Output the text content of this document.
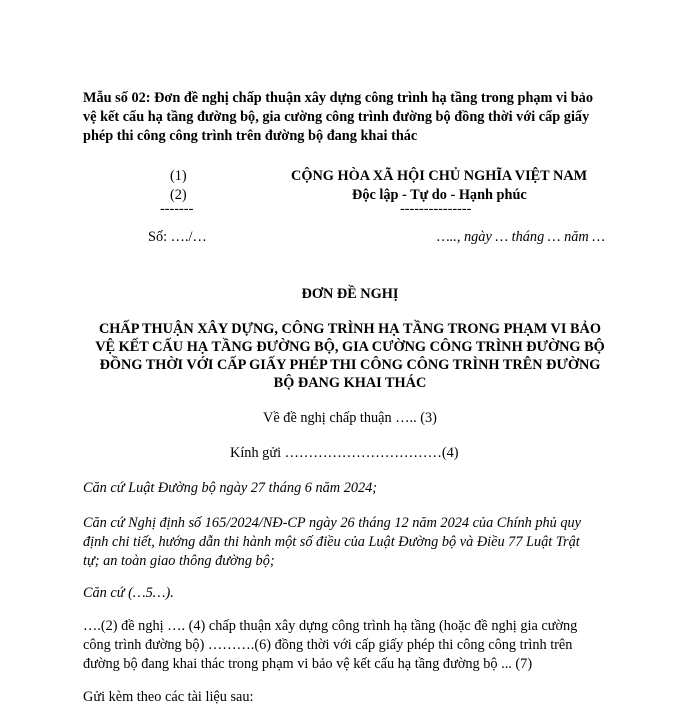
Mẫu số 02: Đơn đề nghị chấp thuận xây dựng công trình hạ tầng trong phạm vi bảo
vệ kết cấu hạ tầng đường bộ, gia cường công trình đường bộ đồng thời với cấp giấy
phép thi công công trình trên đường bộ đang khai thác
(1)
(2)
-------
Số: …./…
CỘNG HÒA XÃ HỘI CHỦ NGHĨA VIỆT NAM
Độc lập - Tự do - Hạnh phúc
---------------
….., ngày … tháng … năm …
ĐƠN ĐỀ NGHỊ
CHẤP THUẬN XÂY DỰNG, CÔNG TRÌNH HẠ TẦNG TRONG PHẠM VI BẢO
VỆ KẾT CẤU HẠ TẦNG ĐƯỜNG BỘ, GIA CƯỜNG CÔNG TRÌNH ĐƯỜNG BỘ
ĐỒNG THỜI VỚI CẤP GIẤY PHÉP THI CÔNG CÔNG TRÌNH TRÊN ĐƯỜNG
BỘ ĐANG KHAI THÁC
Về đề nghị chấp thuận ….. (3)
Kính gửi ……………………………(4)
Căn cứ Luật Đường bộ ngày 27 tháng 6 năm 2024;
Căn cứ Nghị định số 165/2024/NĐ-CP ngày 26 tháng 12 năm 2024 của Chính phủ quy
định chi tiết, hướng dẫn thi hành một số điều của Luật Đường bộ và Điều 77 Luật Trật
tự; an toàn giao thông đường bộ;
Căn cứ (…5…).
….(2) đề nghị …. (4) chấp thuận xây dựng công trình hạ tầng (hoặc đề nghị gia cường
công trình đường bộ) ……….(6) đồng thời với cấp giấy phép thi công công trình trên
đường bộ đang khai thác trong phạm vi bảo vệ kết cấu hạ tầng đường bộ ... (7)
Gửi kèm theo các tài liệu sau:
